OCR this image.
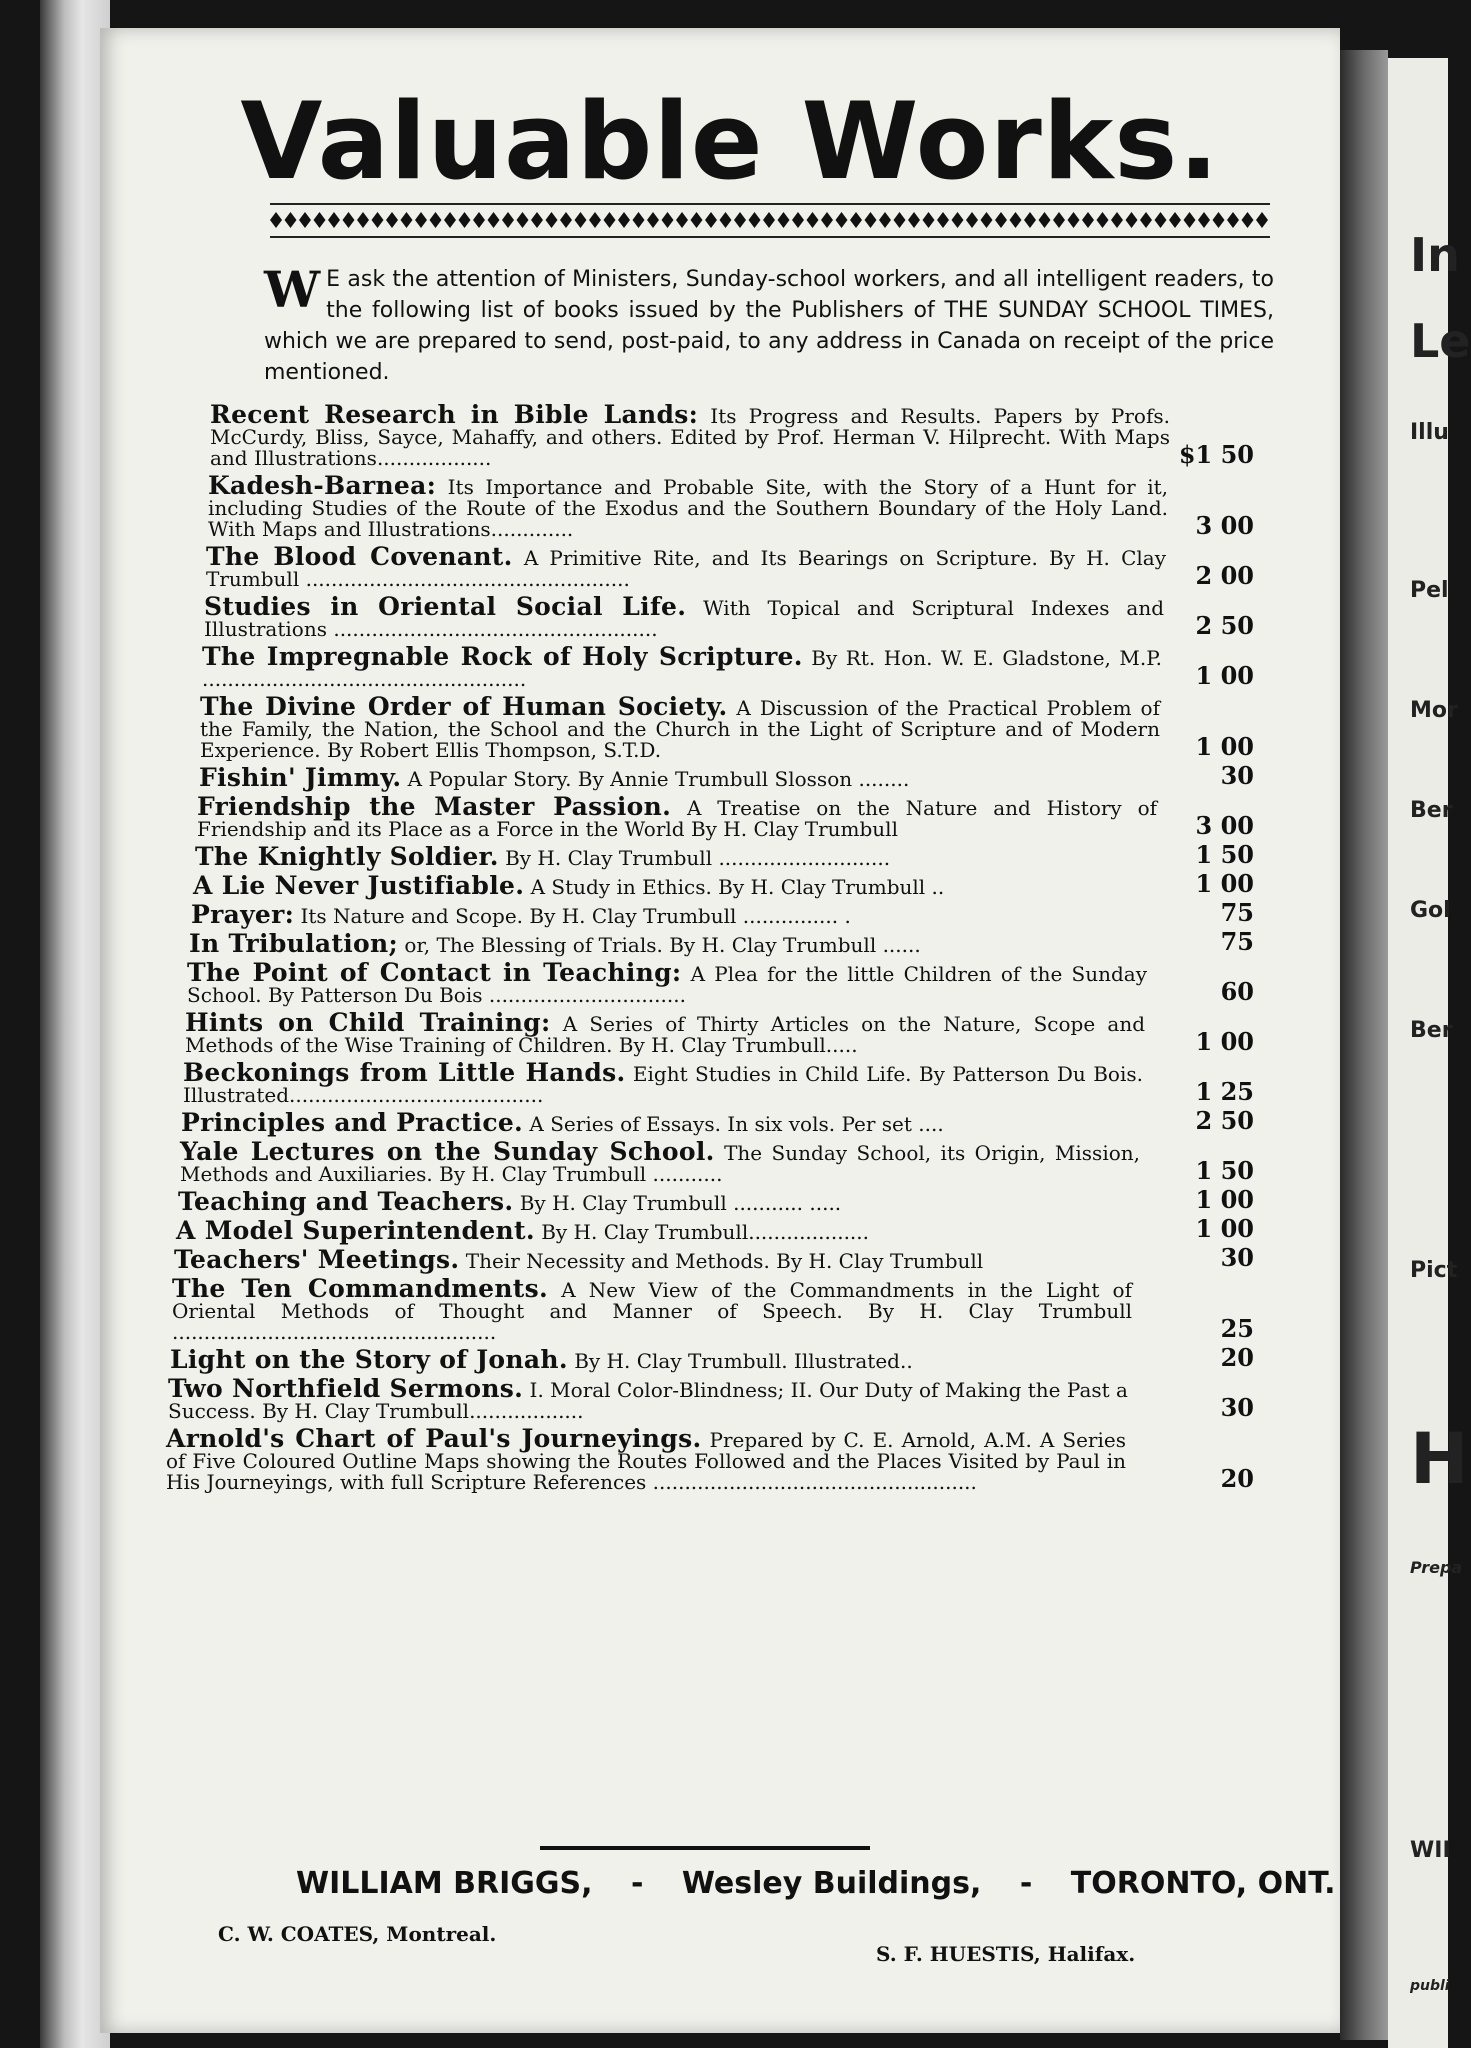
In
Le
Illu
Pel
Mor
Ber
Gol
Ber
Pict
H
Prepa
WII
publi
Valuable Works.
W E ask the attention of Ministers, Sunday-school workers, and all intelligent readers, to the following list of books issued by the Publishers of THE SUNDAY SCHOOL TIMES, which we are prepared to send, post-paid, to any address in Canada on receipt of the price mentioned.
Recent Research in Bible Lands: Its Progress and Results. Papers by Profs. McCurdy, Bliss, Sayce, Mahaffy, and others. Edited by Prof. Herman V. Hilprecht. With Maps and Illustrations..................	$1 50
Kadesh-Barnea: Its Importance and Probable Site, with the Story of a Hunt for it, including Studies of the Route of the Exodus and the Southern Boundary of the Holy Land. With Maps and Illustrations.............	3 00
The Blood Covenant. A Primitive Rite, and Its Bearings on Scripture. By H. Clay Trumbull ...................................................	2 00
Studies in Oriental Social Life. With Topical and Scriptural Indexes and Illustrations ...................................................	2 50
The Impregnable Rock of Holy Scripture. By Rt. Hon. W. E. Gladstone, M.P. ...................................................	1 00
The Divine Order of Human Society. A Discussion of the Practical Problem of the Family, the Nation, the School and the Church in the Light of Scripture and of Modern Experience. By Robert Ellis Thompson, S.T.D.	1 00
Fishin' Jimmy. A Popular Story. By Annie Trumbull Slosson ........	30
Friendship the Master Passion. A Treatise on the Nature and History of Friendship and its Place as a Force in the World By H. Clay Trumbull	3 00
The Knightly Soldier. By H. Clay Trumbull ...........................	1 50
A Lie Never Justifiable. A Study in Ethics. By H. Clay Trumbull ..	1 00
Prayer: Its Nature and Scope. By H. Clay Trumbull ............... .	75
In Tribulation; or, The Blessing of Trials. By H. Clay Trumbull ......	75
The Point of Contact in Teaching: A Plea for the little Children of the Sunday School. By Patterson Du Bois ...............................	60
Hints on Child Training: A Series of Thirty Articles on the Nature, Scope and Methods of the Wise Training of Children. By H. Clay Trumbull.....	1 00
Beckonings from Little Hands. Eight Studies in Child Life. By Patterson Du Bois. Illustrated........................................	1 25
Principles and Practice. A Series of Essays. In six vols. Per set ....	2 50
Yale Lectures on the Sunday School. The Sunday School, its Origin, Mission, Methods and Auxiliaries. By H. Clay Trumbull ...........	1 50
Teaching and Teachers. By H. Clay Trumbull ........... .....	1 00
A Model Superintendent. By H. Clay Trumbull...................	1 00
Teachers' Meetings. Their Necessity and Methods. By H. Clay Trumbull	30
The Ten Commandments. A New View of the Commandments in the Light of Oriental Methods of Thought and Manner of Speech. By H. Clay Trumbull ...................................................	25
Light on the Story of Jonah. By H. Clay Trumbull. Illustrated..	20
Two Northfield Sermons. I. Moral Color-Blindness; II. Our Duty of Making the Past a Success. By H. Clay Trumbull..................	30
Arnold's Chart of Paul's Journeyings. Prepared by C. E. Arnold, A.M. A Series of Five Coloured Outline Maps showing the Routes Followed and the Places Visited by Paul in His Journeyings, with full Scripture References ...................................................	20
WILLIAM BRIGGS, - Wesley Buildings, - TORONTO, ONT.
C. W. COATES, Montreal.
S. F. HUESTIS, Halifax.
